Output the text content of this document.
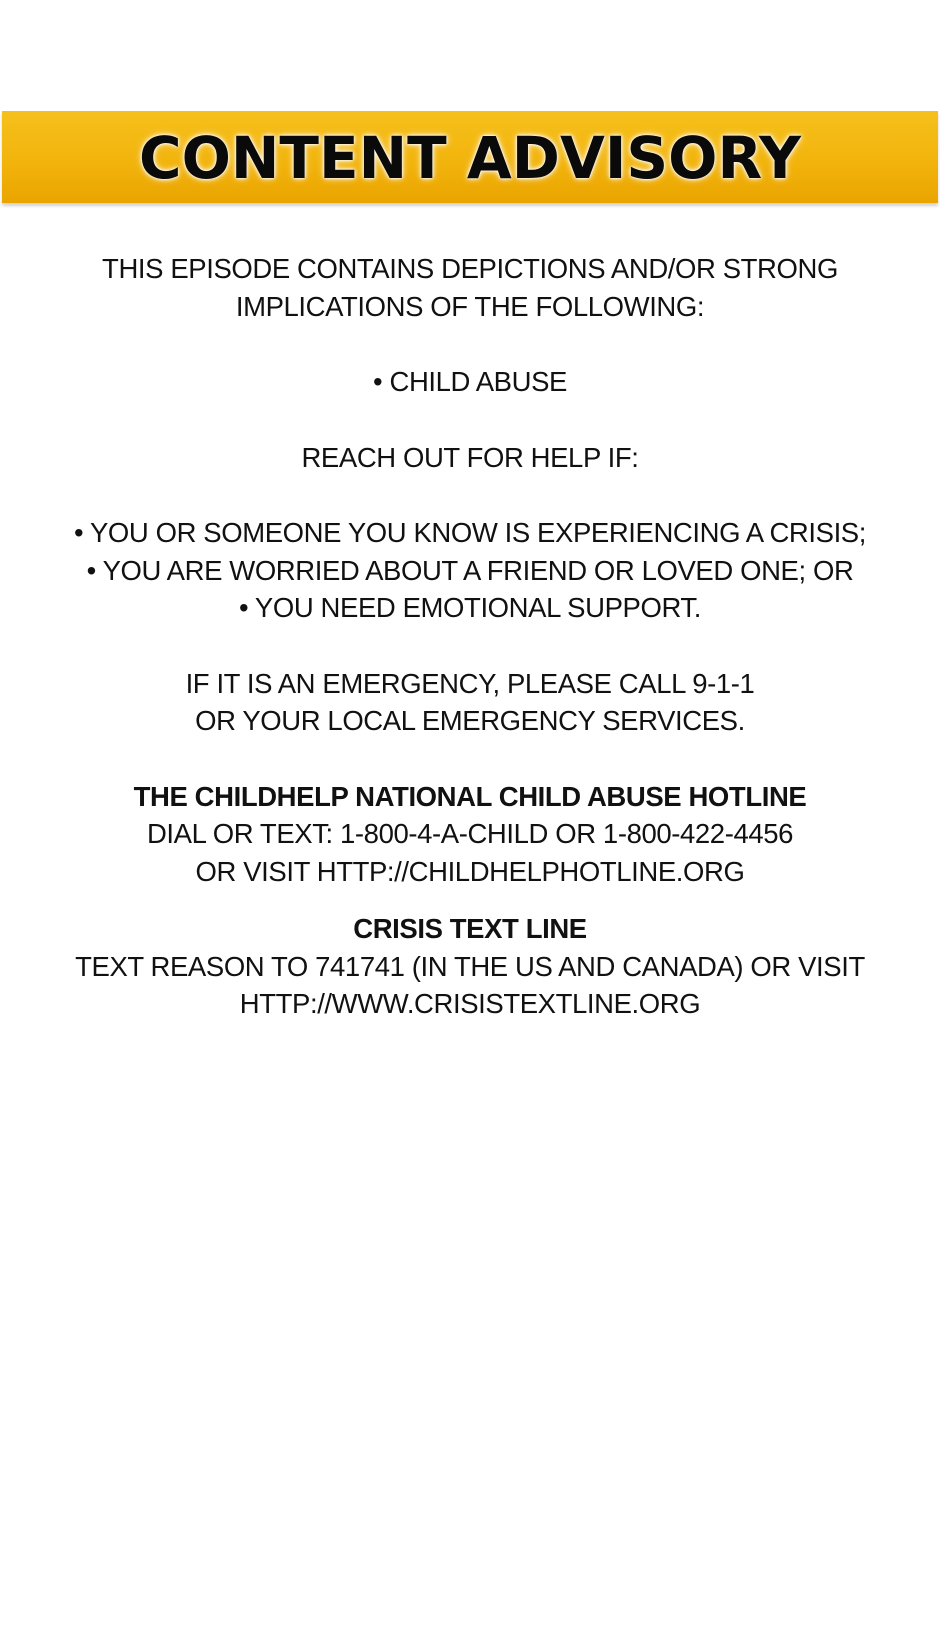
CONTENT ADVISORY

THIS EPISODE CONTAINS DEPICTIONS AND/OR STRONG

IMPLICATIONS OF THE FOLLOWING:

• CHILD ABUSE

REACH OUT FOR HELP IF:

• YOU OR SOMEONE YOU KNOW IS EXPERIENCING A CRISIS;

• YOU ARE WORRIED ABOUT A FRIEND OR LOVED ONE; OR

• YOU NEED EMOTIONAL SUPPORT.

IF IT IS AN EMERGENCY, PLEASE CALL 9-1-1

OR YOUR LOCAL EMERGENCY SERVICES.

THE CHILDHELP NATIONAL CHILD ABUSE HOTLINE

DIAL OR TEXT: 1-800-4-A-CHILD OR 1-800-422-4456

OR VISIT HTTP://CHILDHELPHOTLINE.ORG

CRISIS TEXT LINE

TEXT REASON TO 741741 (IN THE US AND CANADA) OR VISIT

HTTP://WWW.CRISISTEXTLINE.ORG
